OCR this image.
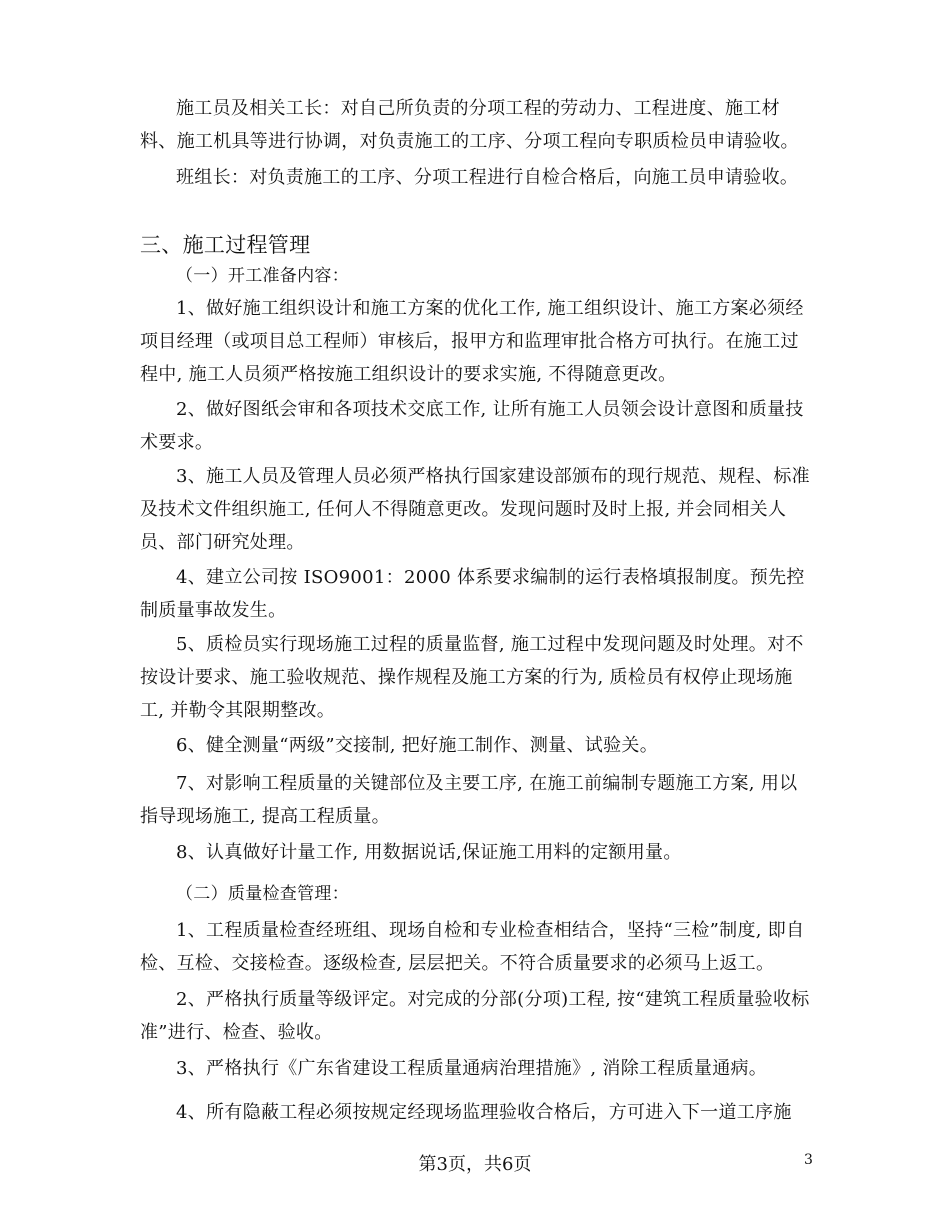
施工员及相关工长：对自己所负责的分项工程的劳动力、工程进度、施工材料、施工机具等进行协调，对负责施工的工序、分项工程向专职质检员申请验收。

班组长：对负责施工的工序、分项工程进行自检合格后，向施工员申请验收。

三、施工过程管理

（一）开工准备内容：

1、做好施工组织设计和施工方案的优化工作, 施工组织设计、施工方案必须经项目经理（或项目总工程师）审核后，报甲方和监理审批合格方可执行。在施工过程中, 施工人员须严格按施工组织设计的要求实施, 不得随意更改。

2、做好图纸会审和各项技术交底工作, 让所有施工人员领会设计意图和质量技术要求。

3、施工人员及管理人员必须严格执行国家建设部颁布的现行规范、规程、标准及技术文件组织施工, 任何人不得随意更改。发现问题时及时上报, 并会同相关人员、部门研究处理。

4、建立公司按 ISO9001：2000 体系要求编制的运行表格填报制度。预先控制质量事故发生。

5、质检员实行现场施工过程的质量监督, 施工过程中发现问题及时处理。对不按设计要求、施工验收规范、操作规程及施工方案的行为, 质检员有权停止现场施工, 并勒令其限期整改。

6、健全测量“两级”交接制, 把好施工制作、测量、试验关。

7、对影响工程质量的关键部位及主要工序, 在施工前编制专题施工方案, 用以指导现场施工, 提高工程质量。

8、认真做好计量工作, 用数据说话,保证施工用料的定额用量。

（二）质量检查管理：

1、工程质量检查经班组、现场自检和专业检查相结合，坚持“三检”制度, 即自检、互检、交接检查。逐级检查, 层层把关。不符合质量要求的必须马上返工。

2、严格执行质量等级评定。对完成的分部(分项)工程, 按“建筑工程质量验收标准”进行、检查、验收。

3、严格执行《广东省建设工程质量通病治理措施》, 消除工程质量通病。

4、所有隐蔽工程必须按规定经现场监理验收合格后，方可进入下一道工序施

第3页，共6页	3
